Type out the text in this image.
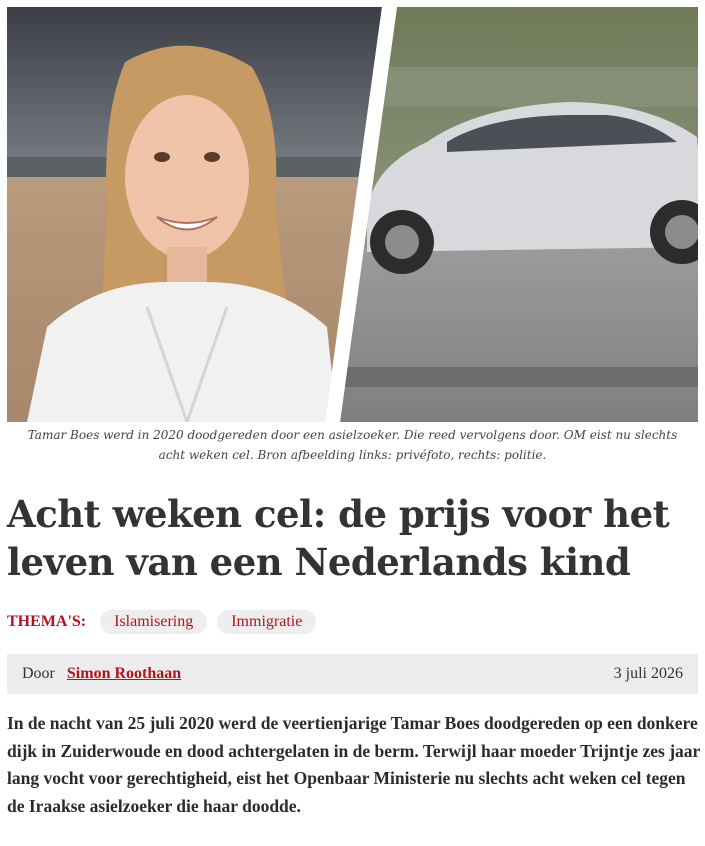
Tamar Boes werd in 2020 doodgereden door een asielzoeker. Die reed vervolgens door. OM eist nu slechts acht weken cel. Bron afbeelding links: privéfoto, rechts: politie.
Acht weken cel: de prijs voor het leven van een Nederlands kind
THEMA'S:	Islamisering	Immigratie
Door Simon Roothaan	3 juli 2026

In de nacht van 25 juli 2020 werd de veertienjarige Tamar Boes doodgereden op een donkere dijk in Zuiderwoude en dood achtergelaten in de berm. Terwijl haar moeder Trijntje zes jaar lang vocht voor gerechtigheid, eist het Openbaar Ministerie nu slechts acht weken cel tegen de Iraakse asielzoeker die haar doodde.
